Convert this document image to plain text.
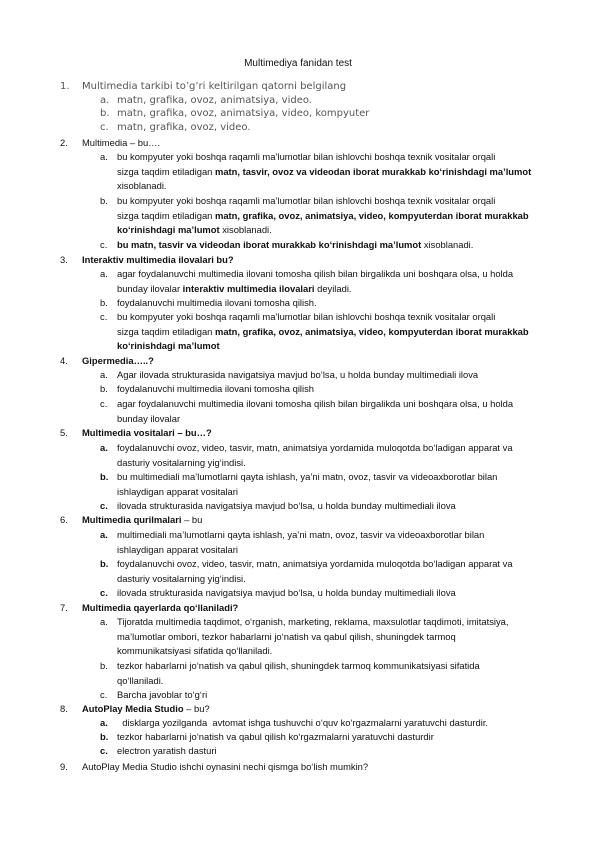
Multimediya fanidan test
1. Multimedia tarkibi to’g’ri keltirilgan qatorni belgilang
a. matn, grafika, ovoz, animatsiya, video.
b. matn, grafika, ovoz, animatsiya, video, kompyuter
c. matn, grafika, ovoz, video.
2. Multimedia – bu….
a. bu kompyuter yoki boshqa raqamli ma’lumotlar bilan ishlovchi boshqa texnik vositalar orqali
sizga taqdim etiladigan matn, tasvir, ovoz va videodan iborat murakkab ko‘rinishdagi ma’lumot
xisoblanadi.
b. bu kompyuter yoki boshqa raqamli ma’lumotlar bilan ishlovchi boshqa texnik vositalar orqali
sizga taqdim etiladigan matn, grafika, ovoz, animatsiya, video, kompyuterdan iborat murakkab
ko‘rinishdagi ma’lumot xisoblanadi.
c. bu matn, tasvir va videodan iborat murakkab ko‘rinishdagi ma’lumot xisoblanadi.
3. Interaktiv multimedia ilovalari bu?
a. agar foydalanuvchi multimedia ilovani tomosha qilish bilan birgalikda uni boshqara olsa, u holda
bunday ilovalar interaktiv multimedia ilovalari deyiladi.
b. foydalanuvchi multimedia ilovani tomosha qilish.
c. bu kompyuter yoki boshqa raqamli ma’lumotlar bilan ishlovchi boshqa texnik vositalar orqali
sizga taqdim etiladigan matn, grafika, ovoz, animatsiya, video, kompyuterdan iborat murakkab
ko‘rinishdagi ma’lumot
4. Gipermedia…..?
a. Agar ilovada strukturasida navigatsiya mavjud bo‘lsa, u holda bunday multimediali ilova
b. foydalanuvchi multimedia ilovani tomosha qilish
c. agar foydalanuvchi multimedia ilovani tomosha qilish bilan birgalikda uni boshqara olsa, u holda
bunday ilovalar
5. Multimedia vositalari – bu…?
a. foydalanuvchi ovoz, video, tasvir, matn, animatsiya yordamida muloqotda bo‘ladigan apparat va
dasturiy vositalarning yig‘indisi.
b. bu multimediali ma’lumotlarni qayta ishlash, ya’ni matn, ovoz, tasvir va videoaxborotlar bilan
ishlaydigan apparat vositalari
c. ilovada strukturasida navigatsiya mavjud bo‘lsa, u holda bunday multimediali ilova
6. Multimedia qurilmalari – bu
a. multimediali ma’lumotlarni qayta ishlash, ya’ni matn, ovoz, tasvir va videoaxborotlar bilan
ishlaydigan apparat vositalari
b. foydalanuvchi ovoz, video, tasvir, matn, animatsiya yordamida muloqotda bo‘ladigan apparat va
dasturiy vositalarning yig‘indisi.
c. ilovada strukturasida navigatsiya mavjud bo‘lsa, u holda bunday multimediali ilova
7. Multimedia qayerlarda qo‘llaniladi?
a. Tijoratda multimedia taqdimot, o‘rganish, marketing, reklama, maxsulotlar taqdimoti, imitatsiya,
ma’lumotlar ombori, tezkor habarlarni jo‘natish va qabul qilish, shuningdek tarmoq
kommunikatsiyasi sifatida qo‘llaniladi.
b. tezkor habarlarni jo‘natish va qabul qilish, shuningdek tarmoq kommunikatsiyasi sifatida
qo‘llaniladi.
c. Barcha javoblar to‘g‘ri
8. AutoPlay Media Studio – bu?
a. disklarga yozilganda  avtomat ishga tushuvchi o‘quv ko‘rgazmalarni yaratuvchi dasturdir.
b. tezkor habarlarni jo‘natish va qabul qilish ko‘rgazmalarni yaratuvchi dasturdir
c. electron yaratish dasturi
9. AutoPlay Media Studio ishchi oynasini nechi qismga bo‘lish mumkin?
